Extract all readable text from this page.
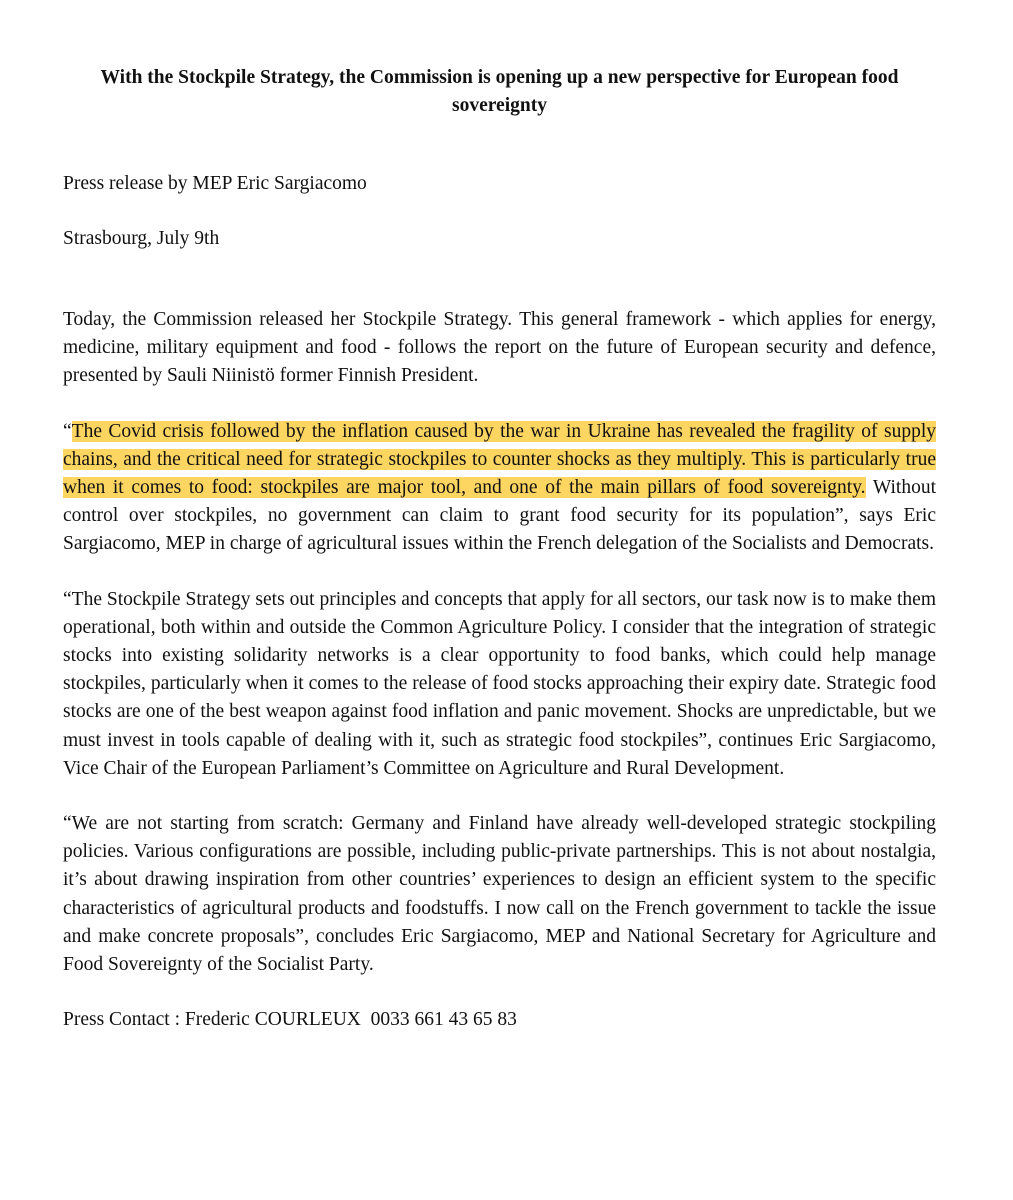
With the Stockpile Strategy, the Commission is opening up a new perspective for European food sovereignty

Press release by MEP Eric Sargiacomo

Strasbourg, July 9th

Today, the Commission released her Stockpile Strategy. This general framework - which applies for energy, medicine, military equipment and food - follows the report on the future of European security and defence, presented by Sauli Niinistö former Finnish President.

“The Covid crisis followed by the inflation caused by the war in Ukraine has revealed the fragility of supply chains, and the critical need for strategic stockpiles to counter shocks as they multiply. This is particularly true when it comes to food: stockpiles are major tool, and one of the main pillars of food sovereignty. Without control over stockpiles, no government can claim to grant food security for its population”, says Eric Sargiacomo, MEP in charge of agricultural issues within the French delegation of the Socialists and Democrats.

“The Stockpile Strategy sets out principles and concepts that apply for all sectors, our task now is to make them operational, both within and outside the Common Agriculture Policy. I consider that the integration of strategic stocks into existing solidarity networks is a clear opportunity to food banks, which could help manage stockpiles, particularly when it comes to the release of food stocks approaching their expiry date. Strategic food stocks are one of the best weapon against food inflation and panic movement. Shocks are unpredictable, but we must invest in tools capable of dealing with it, such as strategic food stockpiles”, continues Eric Sargiacomo, Vice Chair of the European Parliament’s Committee on Agriculture and Rural Development.

“We are not starting from scratch: Germany and Finland have already well-developed strategic stockpiling policies. Various configurations are possible, including public-private partnerships. This is not about nostalgia, it’s about drawing inspiration from other countries’ experiences to design an efficient system to the specific characteristics of agricultural products and foodstuffs. I now call on the French government to tackle the issue and make concrete proposals”, concludes Eric Sargiacomo, MEP and National Secretary for Agriculture and Food Sovereignty of the Socialist Party.

Press Contact : Frederic COURLEUX  0033 661 43 65 83
